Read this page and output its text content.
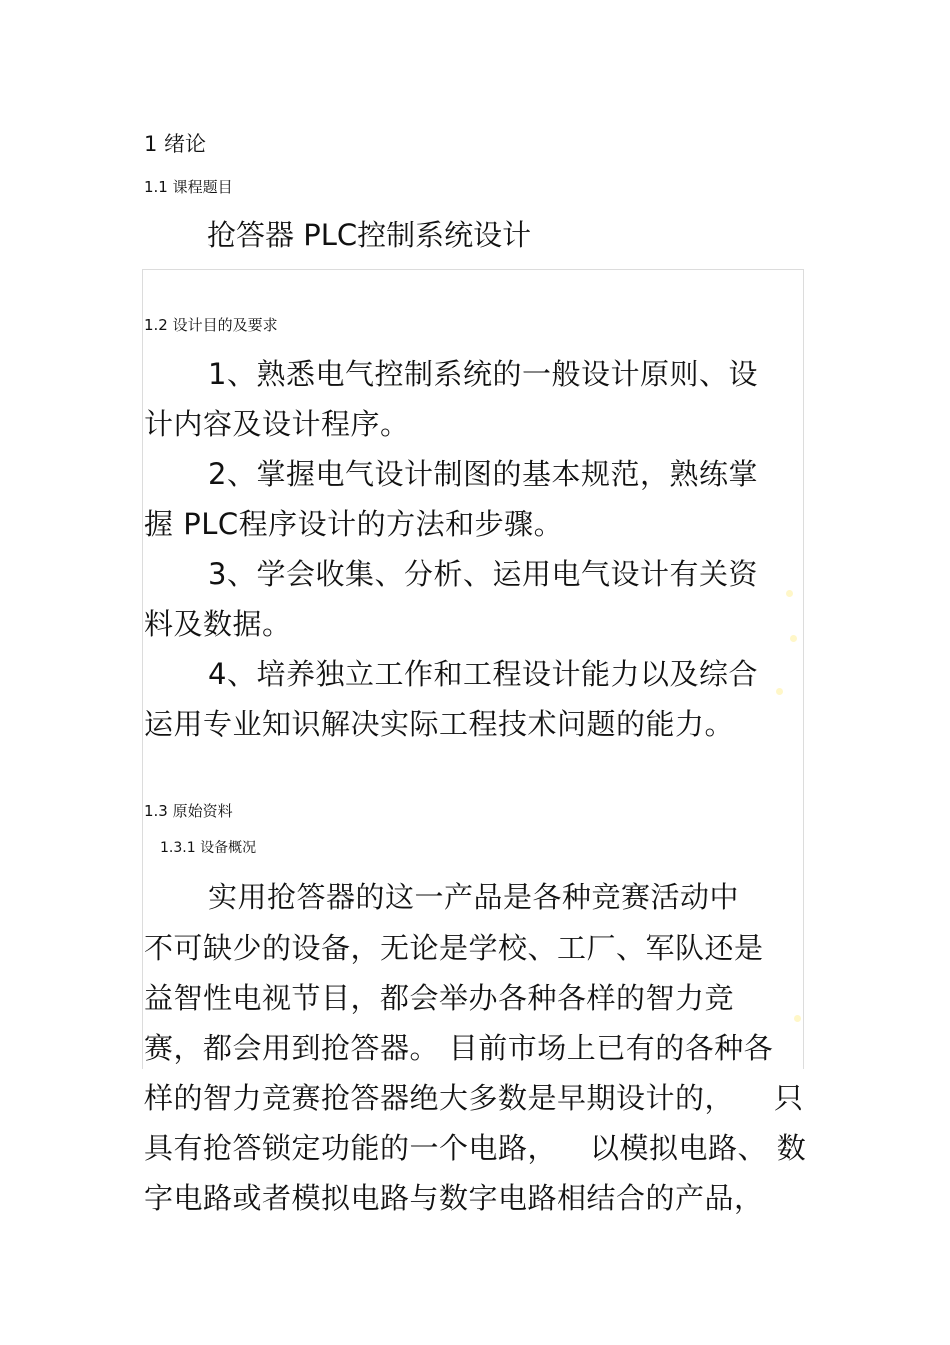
1 绪论
1.1 课程题目
抢答器 PLC控制系统设计
1.2 设计目的及要求
1、熟悉电气控制系统的一般设计原则、设
计内容及设计程序。
2、掌握电气设计制图的基本规范，熟练掌
握 PLC程序设计的方法和步骤。
3、学会收集、分析、运用电气设计有关资
料及数据。
4、培养独立工作和工程设计能力以及综合
运用专业知识解决实际工程技术问题的能力。
1.3 原始资料
1.3.1 设备概况
实用抢答器的这一产品是各种竞赛活动中
不可缺少的设备，无论是学校、工厂、军队还是
益智性电视节目，都会举办各种各样的智力竞
赛，都会用到抢答器。 目前市场上已有的各种各
样的智力竞赛抢答器绝大多数是早期设计的， 只
具有抢答锁定功能的一个电路， 以模拟电路、 数
字电路或者模拟电路与数字电路相结合的产品，
